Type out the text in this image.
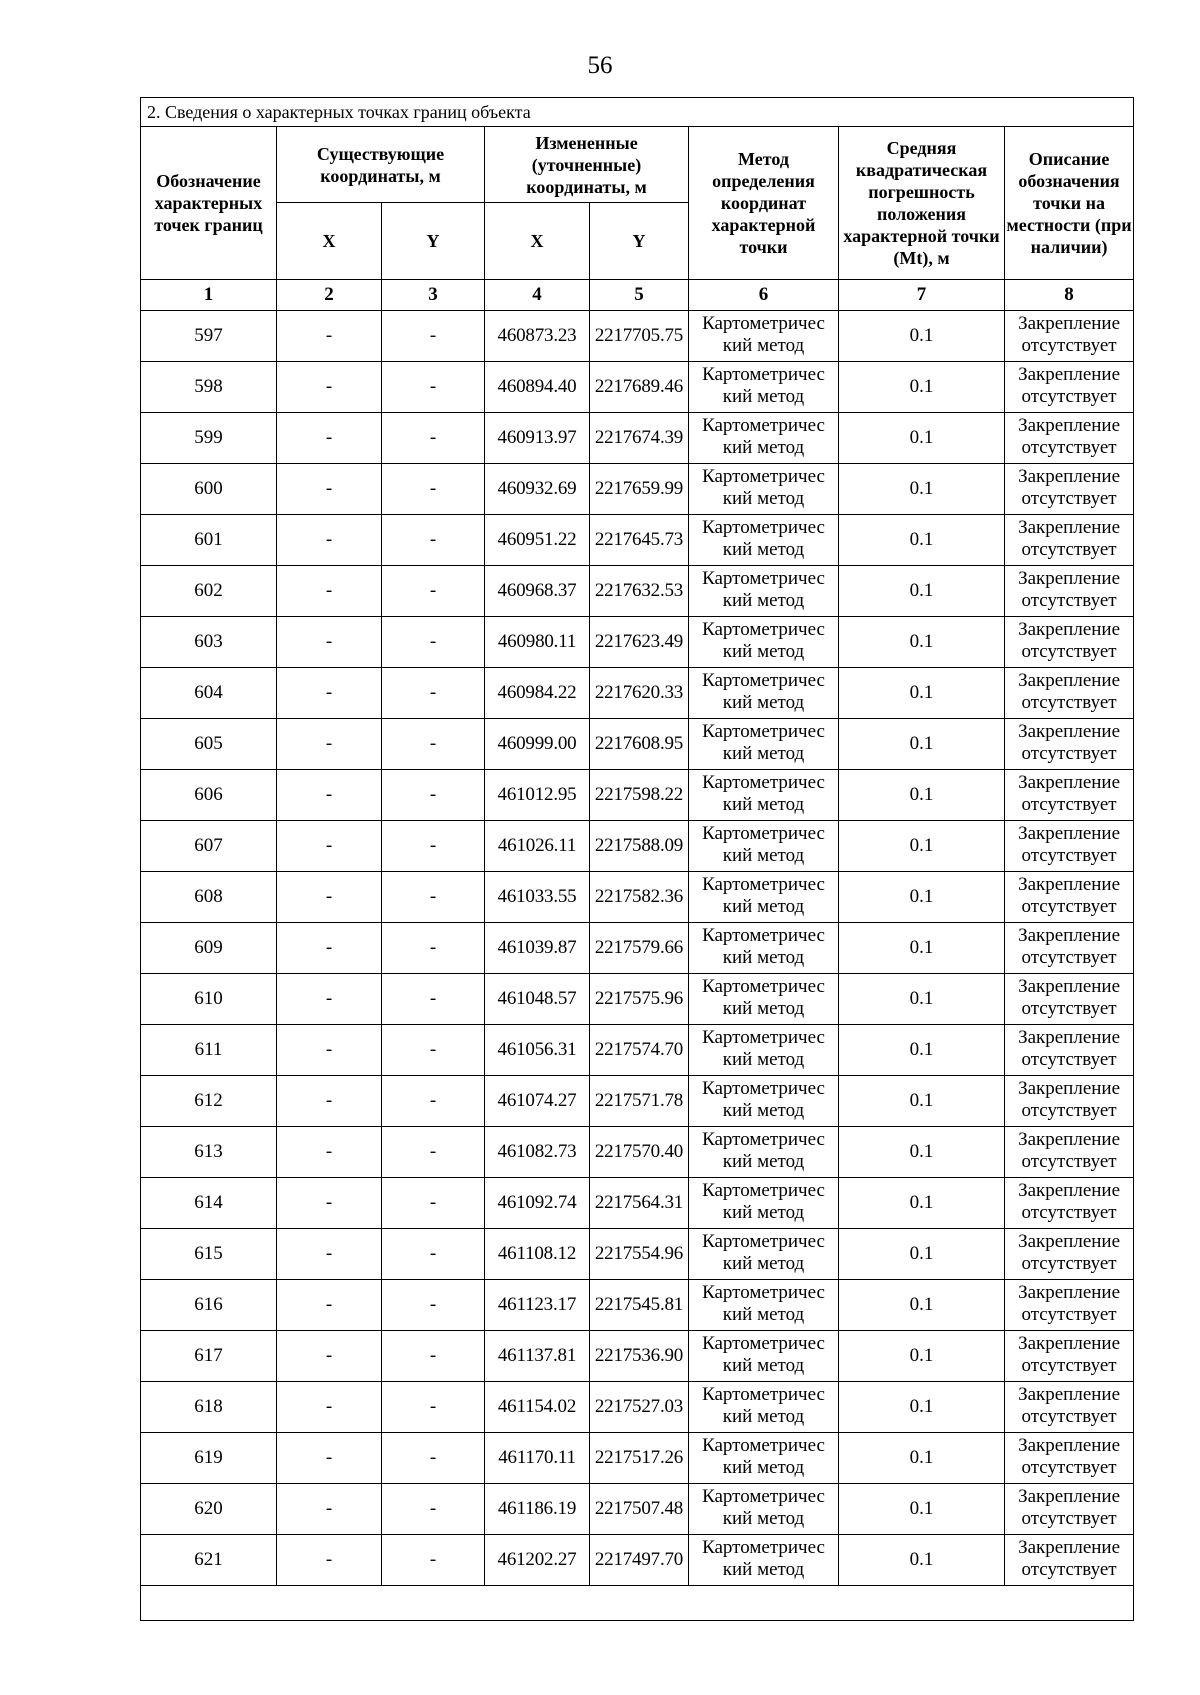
56
2. Сведения о характерных точках границ объекта							
Обозначение характерных точек границ	Существующие координаты, м		Измененные (уточненные) координаты, м		Метод определения координат характерной точки	Средняя квадратическая погрешность положения характерной точки (Mt), м	Описание обозначения точки на местности (при наличии)
	X	Y	X	Y			
1	2	3	4	5	6	7	8
597	-	-	460873.23	2217705.75	Картометричес кий метод	0.1	Закрепление отсутствует
598	-	-	460894.40	2217689.46	Картометричес кий метод	0.1	Закрепление отсутствует
599	-	-	460913.97	2217674.39	Картометричес кий метод	0.1	Закрепление отсутствует
600	-	-	460932.69	2217659.99	Картометричес кий метод	0.1	Закрепление отсутствует
601	-	-	460951.22	2217645.73	Картометричес кий метод	0.1	Закрепление отсутствует
602	-	-	460968.37	2217632.53	Картометричес кий метод	0.1	Закрепление отсутствует
603	-	-	460980.11	2217623.49	Картометричес кий метод	0.1	Закрепление отсутствует
604	-	-	460984.22	2217620.33	Картометричес кий метод	0.1	Закрепление отсутствует
605	-	-	460999.00	2217608.95	Картометричес кий метод	0.1	Закрепление отсутствует
606	-	-	461012.95	2217598.22	Картометричес кий метод	0.1	Закрепление отсутствует
607	-	-	461026.11	2217588.09	Картометричес кий метод	0.1	Закрепление отсутствует
608	-	-	461033.55	2217582.36	Картометричес кий метод	0.1	Закрепление отсутствует
609	-	-	461039.87	2217579.66	Картометричес кий метод	0.1	Закрепление отсутствует
610	-	-	461048.57	2217575.96	Картометричес кий метод	0.1	Закрепление отсутствует
611	-	-	461056.31	2217574.70	Картометричес кий метод	0.1	Закрепление отсутствует
612	-	-	461074.27	2217571.78	Картометричес кий метод	0.1	Закрепление отсутствует
613	-	-	461082.73	2217570.40	Картометричес кий метод	0.1	Закрепление отсутствует
614	-	-	461092.74	2217564.31	Картометричес кий метод	0.1	Закрепление отсутствует
615	-	-	461108.12	2217554.96	Картометричес кий метод	0.1	Закрепление отсутствует
616	-	-	461123.17	2217545.81	Картометричес кий метод	0.1	Закрепление отсутствует
617	-	-	461137.81	2217536.90	Картометричес кий метод	0.1	Закрепление отсутствует
618	-	-	461154.02	2217527.03	Картометричес кий метод	0.1	Закрепление отсутствует
619	-	-	461170.11	2217517.26	Картометричес кий метод	0.1	Закрепление отсутствует
620	-	-	461186.19	2217507.48	Картометричес кий метод	0.1	Закрепление отсутствует
621	-	-	461202.27	2217497.70	Картометричес кий метод	0.1	Закрепление отсутствует
